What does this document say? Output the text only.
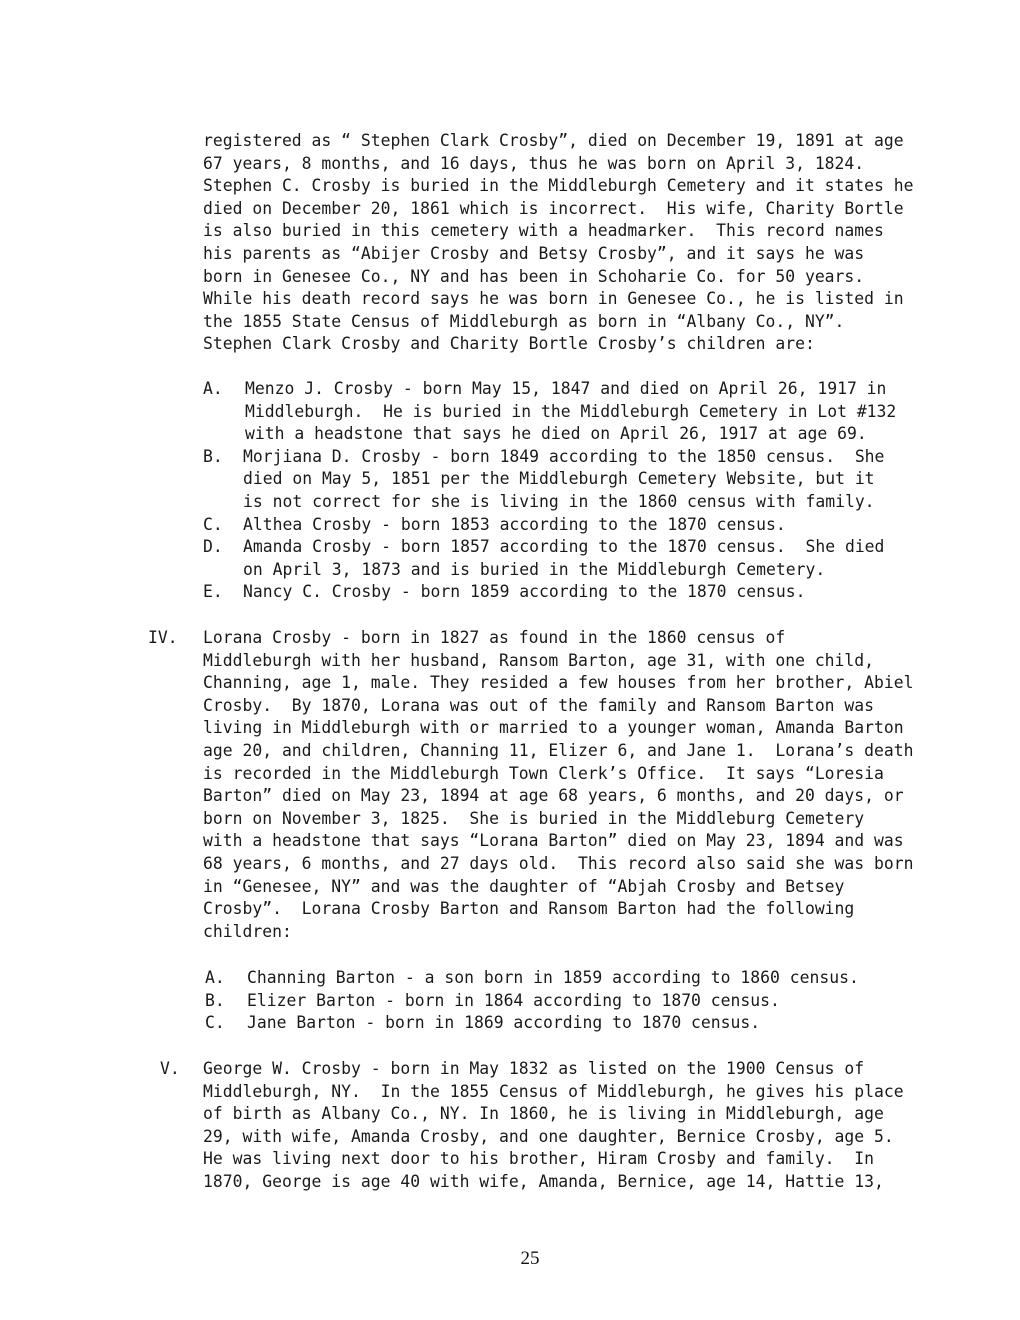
registered as “ Stephen Clark Crosby”, died on December 19, 1891 at age
67 years, 8 months, and 16 days, thus he was born on April 3, 1824.
Stephen C. Crosby is buried in the Middleburgh Cemetery and it states he
died on December 20, 1861 which is incorrect.  His wife, Charity Bortle
is also buried in this cemetery with a headmarker.  This record names
his parents as “Abijer Crosby and Betsy Crosby”, and it says he was
born in Genesee Co., NY and has been in Schoharie Co. for 50 years.
While his death record says he was born in Genesee Co., he is listed in
the 1855 State Census of Middleburgh as born in “Albany Co., NY”.
Stephen Clark Crosby and Charity Bortle Crosby’s children are:
A. Menzo J. Crosby - born May 15, 1847 and died on April 26, 1917 in
Middleburgh.  He is buried in the Middleburgh Cemetery in Lot #132
with a headstone that says he died on April 26, 1917 at age 69.
B. Morjiana D. Crosby - born 1849 according to the 1850 census.  She
died on May 5, 1851 per the Middleburgh Cemetery Website, but it
is not correct for she is living in the 1860 census with family.
C. Althea Crosby - born 1853 according to the 1870 census.
D. Amanda Crosby - born 1857 according to the 1870 census.  She died
on April 3, 1873 and is buried in the Middleburgh Cemetery.
E. Nancy C. Crosby - born 1859 according to the 1870 census.
IV. Lorana Crosby - born in 1827 as found in the 1860 census of
Middleburgh with her husband, Ransom Barton, age 31, with one child,
Channing, age 1, male. They resided a few houses from her brother, Abiel
Crosby.  By 1870, Lorana was out of the family and Ransom Barton was
living in Middleburgh with or married to a younger woman, Amanda Barton
age 20, and children, Channing 11, Elizer 6, and Jane 1.  Lorana’s death
is recorded in the Middleburgh Town Clerk’s Office.  It says “Loresia
Barton” died on May 23, 1894 at age 68 years, 6 months, and 20 days, or
born on November 3, 1825.  She is buried in the Middleburg Cemetery
with a headstone that says “Lorana Barton” died on May 23, 1894 and was
68 years, 6 months, and 27 days old.  This record also said she was born
in “Genesee, NY” and was the daughter of “Abjah Crosby and Betsey
Crosby”.  Lorana Crosby Barton and Ransom Barton had the following
children:
A. Channing Barton - a son born in 1859 according to 1860 census.
B. Elizer Barton - born in 1864 according to 1870 census.
C. Jane Barton - born in 1869 according to 1870 census.
V. George W. Crosby - born in May 1832 as listed on the 1900 Census of
Middleburgh, NY.  In the 1855 Census of Middleburgh, he gives his place
of birth as Albany Co., NY. In 1860, he is living in Middleburgh, age
29, with wife, Amanda Crosby, and one daughter, Bernice Crosby, age 5.
He was living next door to his brother, Hiram Crosby and family.  In
1870, George is age 40 with wife, Amanda, Bernice, age 14, Hattie 13,
25
